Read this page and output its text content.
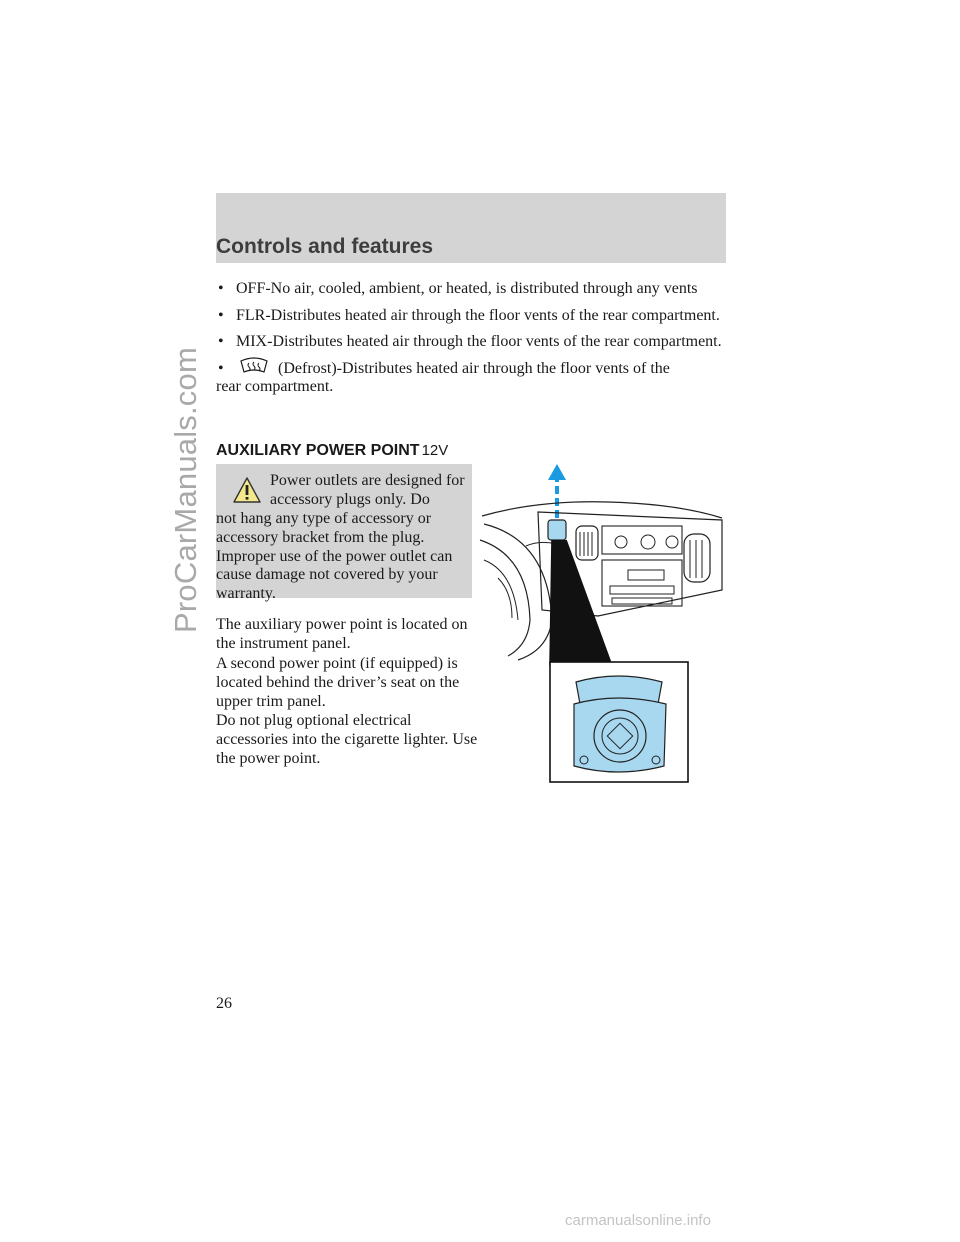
ProCarManuals.com
Controls and features
• OFF-No air, cooled, ambient, or heated, is distributed through any vents
• FLR-Distributes heated air through the floor vents of the rear compartment.
• MIX-Distributes heated air through the floor vents of the rear compartment.
•	(Defrost)-Distributes heated air through the floor vents of the
rear compartment.
AUXILIARY POWER POINT 12V
Power outlets are designed for accessory plugs only. Do
not hang any type of accessory or accessory bracket from the plug. Improper use of the power outlet can cause damage not covered by your warranty.

The auxiliary power point is located on the instrument panel.

A second power point (if equipped) is located behind the driver’s seat on the upper trim panel.

Do not plug optional electrical accessories into the cigarette lighter. Use the power point.

26
carmanualsonline.info
